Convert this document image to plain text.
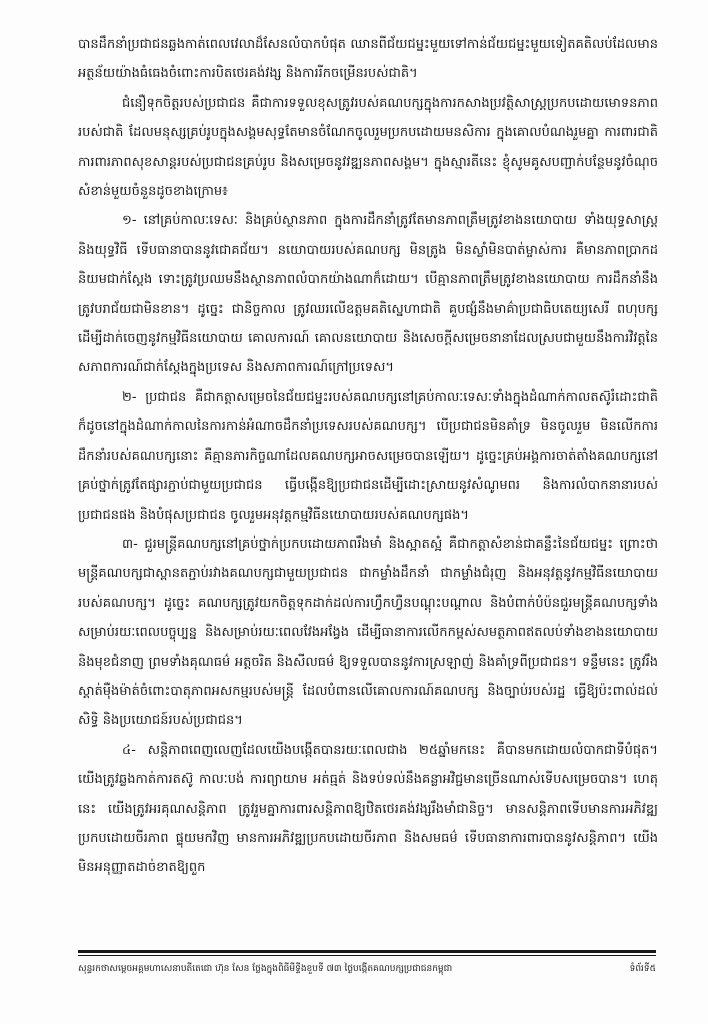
បានដឹកនាំប្រជាជនឆ្លងកាត់ពេលវេលាដ៏សែនលំបាកបំផុត ឈានពីជ័យជម្នះមួយទៅកាន់ជ័យជម្នះមួយទៀតគតិលប់ដែលមានអត្ថន័យយ៉ាងធំធេងចំពោះការបិតថេរគង់វង្ស និងការរីកចម្រើនរបស់ជាតិ។

ជំនឿទុកចិត្តរបស់ប្រជាជន គឺជាការទទួលខុសត្រូវរបស់គណបក្សក្នុងការកសាងប្រវត្តិសាស្ត្រប្រកបដោយមោទនភាពរបស់ជាតិ ដែលមនុស្សគ្រប់រូបក្នុងសង្គមសុទ្ធតែមានចំណែកចូលរួមប្រកបដោយមនសិការ ក្នុងគោលបំណងរួមគ្នា ការពារជាតិ ការពារភាពសុខសាន្តរបស់ប្រជាជនគ្រប់រូប និងសម្រេចនូវវឌ្ឍនភាពសង្គម។ ក្នុងស្មារតីនេះ ខ្ញុំសូមគូសបញ្ជាក់បន្ថែមនូវចំណុចសំខាន់មួយចំនួនដូចខាងក្រោម៖

១- នៅគ្រប់កាលៈទេសៈ និងគ្រប់ស្ថានភាព ក្នុងការដឹកនាំត្រូវតែមានភាពត្រឹមត្រូវខាងនយោបាយ ទាំងយុទ្ធសាស្ត្រ និងយុទ្ធវិធី ទើបធានាបាននូវជោគជ័យ។ នយោបាយរបស់គណបក្ស មិនត្រូង មិនស្លាំមិនបាត់ម្ចាស់ការ គឺមានភាពប្រាកដនិយមជាក់ស្តែង ទោះត្រូវប្រឈមនឹងស្ថានភាពលំបាកយ៉ាងណាក៏ដោយ។ បើគ្មានភាពត្រឹមត្រូវខាងនយោបាយ ការដឹកនាំនឹងត្រូវបរាជ័យជាមិនខាន។ ដូច្នេះ ជានិច្ចកាល ត្រូវឈរលើឧត្តមគតិស្នេហាជាតិ គួបផ្សំនឹងមាគ៌ាប្រជាធិបតេយ្យសេរី ពហុបក្ស ដើម្បីដាក់ចេញនូវកម្មវិធីនយោបាយ គោលការណ៍ គោលនយោបាយ និងសេចក្តីសម្រេចនានាដែលស្របជាមួយនឹងការវិវត្តនៃសភាពការណ៍ជាក់ស្តែងក្នុងប្រទេស និងសភាពការណ៍ក្រៅប្រទេស។

២- ប្រជាជន គឺជាកត្តាសម្រេចនៃជ័យជម្នះរបស់គណបក្សនៅគ្រប់កាលៈទេសៈទាំងក្នុងដំណាក់កាលតស៊ូរំដោះជាតិ ក៏ដូចនៅក្នុងដំណាក់កាលនៃការកាន់អំណាចដឹកនាំប្រទេសរបស់គណបក្ស។ បើប្រជាជនមិនគាំទ្រ មិនចូលរួម មិនលើកការដឹកនាំរបស់គណបក្សនោះ គឺគ្មានភារកិច្ចណាដែលគណបក្សអាចសម្រេចបានឡើយ។ ដូច្នេះគ្រប់អង្គការចាត់តាំងគណបក្សនៅគ្រប់ថ្នាក់ត្រូវតែផ្សារភ្ជាប់ជាមួយប្រជាជន ធ្វើបង្កើនឱ្យប្រជាជនដើម្បីដោះស្រាយនូវសំណូមពរ និងការលំបាកនានារបស់ប្រជាជនផង និងបំផុសប្រជាជន ចូលរួមអនុវត្តកម្មវិធីនយោបាយរបស់គណបក្សផង។

៣- ជួរមន្ត្រីគណបក្សនៅគ្រប់ថ្នាក់ប្រកបដោយភាពរឹងមាំ និងស្អាតស្អំ គឺជាកត្តាសំខាន់ជាគន្លឹះនៃជ័យជម្នះ ព្រោះថាមន្ត្រីគណបក្សជាស្ពានតភ្ជាប់រវាងគណបក្សជាមួយប្រជាជន ជាកម្លាំងដឹកនាំ ជាកម្លាំងជំរុញ និងអនុវត្តនូវកម្មវិធីនយោបាយរបស់គណបក្ស។ ដូច្នេះ គណបក្សត្រូវយកចិត្តទុកដាក់ដល់ការហ្វឹកហ្វឺនបណ្តុះបណ្តាល និងបំពាក់បំប៉នជួរមន្ត្រីគណបក្សទាំងសម្រាប់រយៈពេលបច្ចុប្បន្ន និងសម្រាប់រយៈពេលវែងអង្វែង ដើម្បីធានាការលើកកម្ពស់សមត្ថភាពឥតលប់ទាំងខាងនយោបាយ និងមុខជំនាញ ព្រមទាំងគុណធម៌ អត្តចរិត និងសីលធម៌ ឱ្យទទួលបាននូវការស្រឡាញ់ និងគាំទ្រពីប្រជាជន។ ទន្ទឹមនេះ ត្រូវរឹងស្តាត់ម៉ឺងម៉ាត់ចំពោះបាតុភាពអសកម្មរបស់មន្ត្រី ដែលបំពានលើគោលការណ៍គណបក្ស និងច្បាប់របស់រដ្ឋ ធ្វើឱ្យប៉ះពាល់ដល់សិទ្ធិ និងប្រយោជន៍របស់ប្រជាជន។

៤- សន្តិភាពពេញលេញដែលយើងបង្កើតបានរយៈពេលជាង ២៥ឆ្នាំមកនេះ គឺបានមកដោយលំបាកជាទីបំផុត។ យើងត្រូវឆ្លងកាត់ការតស៊ូ កាលៈបង់ ការព្យាយាម អត់ធ្មត់ និងទប់ទល់នឹងគន្លាអវិជ្ជមានច្រើនណាស់ទើបសម្រេចបាន។ ហេតុនេះ យើងត្រូវអរគុណសន្តិភាព ត្រូវរួមគ្នាការពារសន្តិភាពឱ្យឋិតថេរគង់វង្សរឹងមាំជានិច្ច។ មានសន្តិភាពទើបមានការអភិវឌ្ឍប្រកបដោយចីរភាព ផ្ទុយមកវិញ មានការអភិវឌ្ឍប្រកបដោយចីរភាព និងសមធម៌ ទើបធានាការពារបាននូវសន្តិភាព។ យើងមិនអនុញ្ញាតដាច់ខាតឱ្យពួក

សុន្ទរកថាសម្តេចអគ្គមហាសេនាបតីតេជោ ហ៊ុន សែន ថ្លែងក្នុងពិធីមីទ្ទីងខួបទី ៧៣ ថ្ងៃបង្កើតគណបក្សប្រជាជនកម្ពុជា	ទំព័រទី៥
